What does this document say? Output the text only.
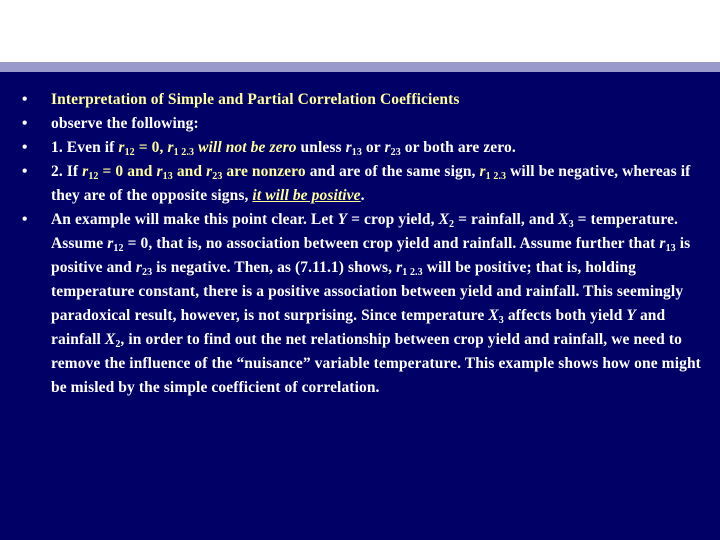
•	Interpretation of Simple and Partial Correlation Coefficients
•	observe the following:
•	1. Even if $r_{12} = 0$, $r_{1 2.3}$ will not be zero unless $r_{13}$ or $r_{23}$ or both are zero.
•	2. If $r_{12} = 0$ and $r_{13}$ and $r_{23}$ are nonzero and are of the same sign, $r_{1 2.3}$ will be negative, whereas if they are of the opposite signs, it will be positive.
•	An example will make this point clear. Let Y = crop yield, $X_2$ = rainfall, and $X_3$ = temperature. Assume $r_{12} = 0$, that is, no association between crop yield and rainfall. Assume further that $r_{13}$ is positive and $r_{23}$ is negative. Then, as (7.11.1) shows, $r_{1 2.3}$ will be positive; that is, holding temperature constant, there is a positive association between yield and rainfall. This seemingly paradoxical result, however, is not surprising. Since temperature $X_3$ affects both yield Y and rainfall $X_2$, in order to find out the net relationship between crop yield and rainfall, we need to remove the influence of the “nuisance” variable temperature. This example shows how one might be misled by the simple coefficient of correlation.
